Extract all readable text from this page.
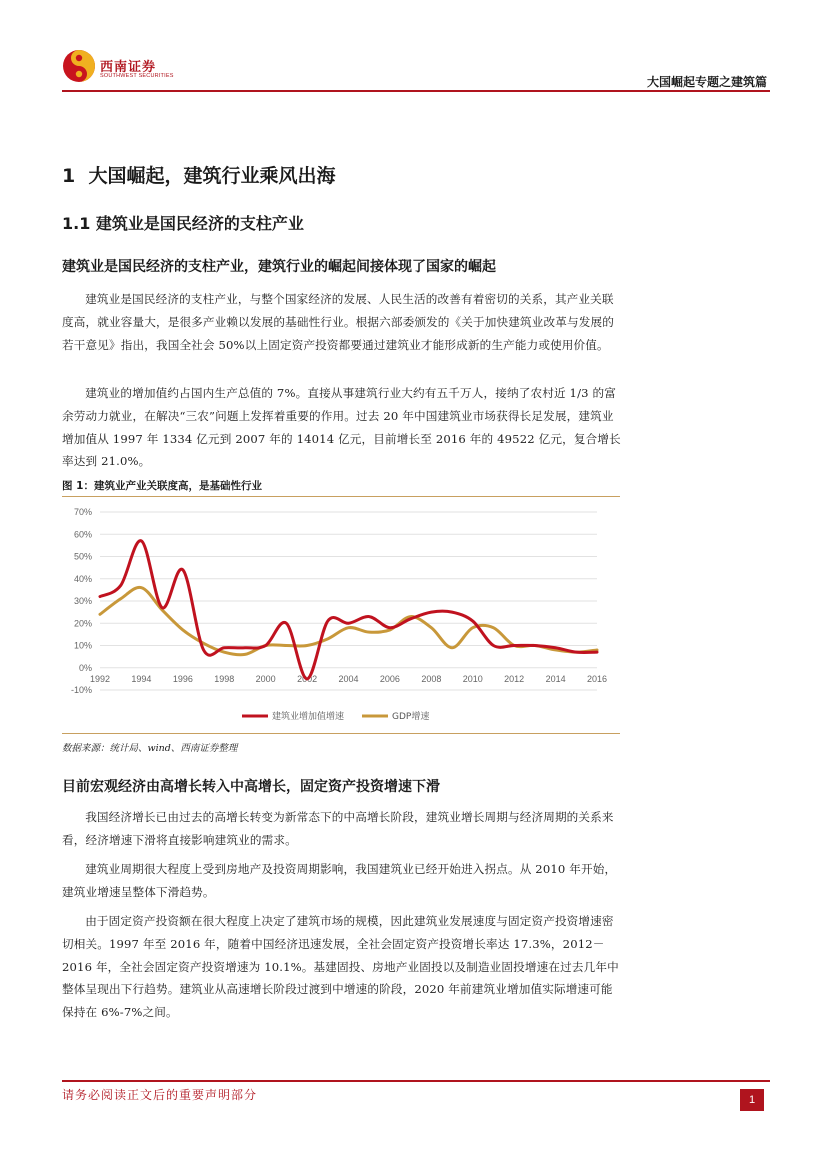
西南证券
SOUTHWEST SECURITIES	大国崛起专题之建筑篇
1  大国崛起，建筑行业乘风出海
1.1 建筑业是国民经济的支柱产业
建筑业是国民经济的支柱产业，建筑行业的崛起间接体现了国家的崛起

建筑业是国民经济的支柱产业，与整个国家经济的发展、人民生活的改善有着密切的关系，其产业关联度高，就业容量大，是很多产业赖以发展的基础性行业。根据六部委颁发的《关于加快建筑业改革与发展的若干意见》指出，我国全社会 50%以上固定资产投资都要通过建筑业才能形成新的生产能力或使用价值。

建筑业的增加值约占国内生产总值的 7%。直接从事建筑行业大约有五千万人，接纳了农村近 1/3 的富余劳动力就业，在解决“三农”问题上发挥着重要的作用。过去 20 年中国建筑业市场获得长足发展，建筑业增加值从 1997 年 1334 亿元到 2007 年的 14014 亿元，目前增长至 2016 年的 49522 亿元，复合增长率达到 21.0%。

图 1：建筑业产业关联度高，是基础性行业
70%
60%
50%
40%
30%
20%
10%
0%
-10%
1992 1994 1996 1998 2000 2002 2004 2006 2008 2010 2012 2014 2016
建筑业增加值增速	GDP增速
数据来源：统计局、wind、西南证券整理
目前宏观经济由高增长转入中高增长，固定资产投资增速下滑

我国经济增长已由过去的高增长转变为新常态下的中高增长阶段，建筑业增长周期与经济周期的关系来看，经济增速下滑将直接影响建筑业的需求。

建筑业周期很大程度上受到房地产及投资周期影响，我国建筑业已经开始进入拐点。从 2010 年开始，建筑业增速呈整体下滑趋势。

由于固定资产投资额在很大程度上决定了建筑市场的规模，因此建筑业发展速度与固定资产投资增速密切相关。1997 年至 2016 年，随着中国经济迅速发展，全社会固定资产投资增长率达 17.3%，2012－2016 年，全社会固定资产投资增速为 10.1%。基建固投、房地产业固投以及制造业固投增速在过去几年中整体呈现出下行趋势。建筑业从高速增长阶段过渡到中增速的阶段，2020 年前建筑业增加值实际增速可能保持在 6%-7%之间。

请务必阅读正文后的重要声明部分	1
